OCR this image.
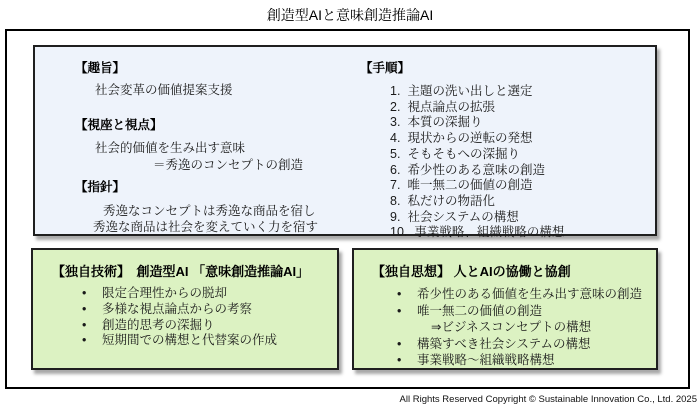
創造型AIと意味創造推論AI
【趣旨】
社会変革の価値提案支援
【視座と視点】
社会的価値を生み出す意味
＝秀逸のコンセプトの創造
【指針】
秀逸なコンセプトは秀逸な商品を宿し
秀逸な商品は社会を変えていく力を宿す
【手順】
1. 主題の洗い出しと選定
2. 視点論点の拡張
3. 本質の深掘り
4. 現状からの逆転の発想
5. そもそもへの深掘り
6. 希少性のある意味の創造
7. 唯一無二の価値の創造
8. 私だけの物語化
9. 社会システムの構想
10. 事業戦略、組織戦略の構想
【独自技術】　創造型AI 「意味創造推論AI」
•	限定合理性からの脱却
•	多様な視点論点からの考察
•	創造的思考の深掘り
•	短期間での構想と代替案の作成
【独自思想】 人とAIの協働と協創
•	希少性のある価値を生み出す意味の創造
•	唯一無二の価値の創造
⇒ビジネスコンセプトの構想
•	構築すべき社会システムの構想
•	事業戦略～組織戦略構想
All Rights Reserved Copyright © Sustainable Innovation Co., Ltd. 2025
